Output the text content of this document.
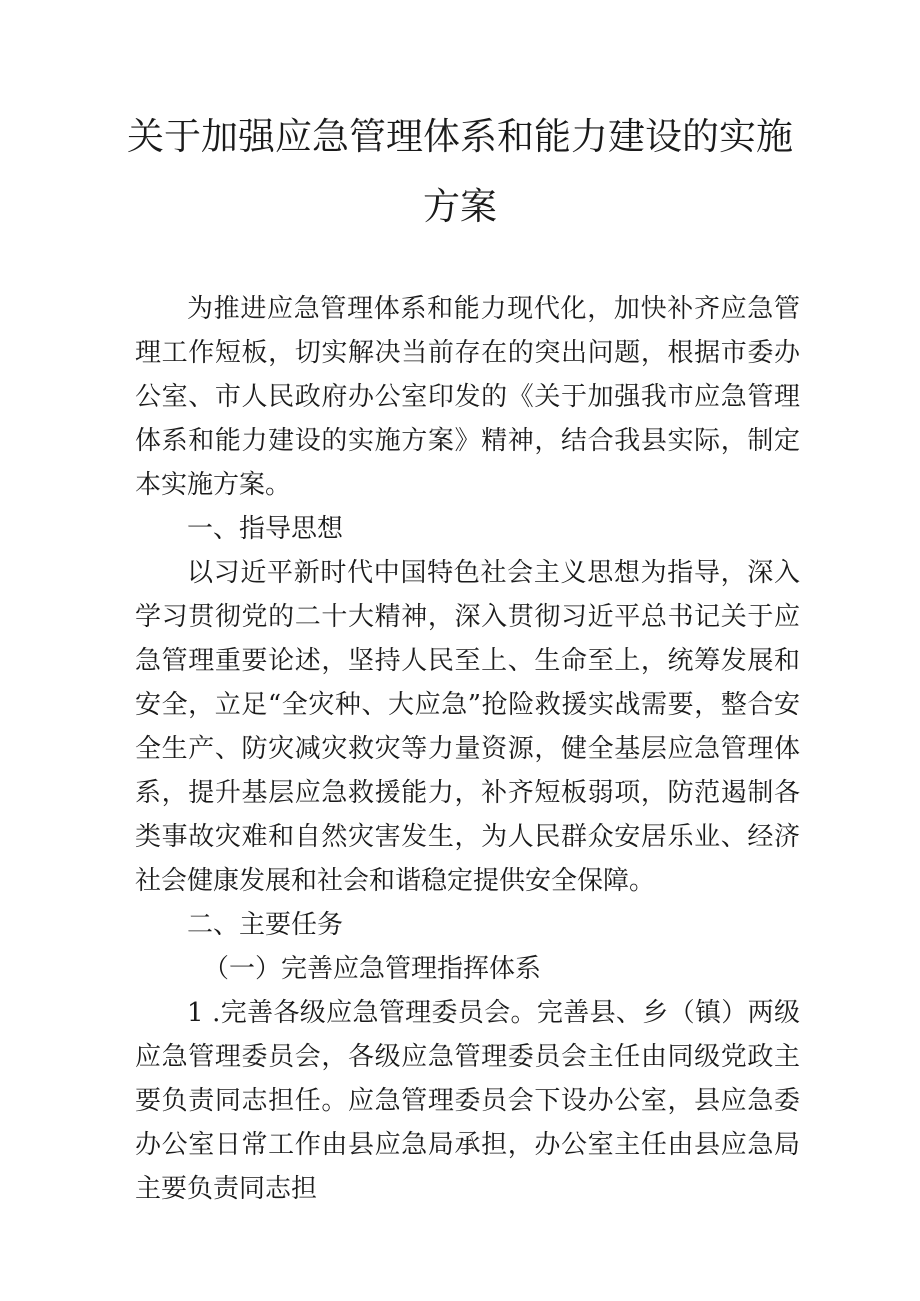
关于加强应急管理体系和能力建设的实施
方案

为推进应急管理体系和能力现代化，加快补齐应急管理工作短板，切实解决当前存在的突出问题，根据市委办公室、市人民政府办公室印发的《关于加强我市应急管理体系和能力建设的实施方案》精神，结合我县实际，制定本实施方案。

一、指导思想

以习近平新时代中国特色社会主义思想为指导，深入学习贯彻党的二十大精神，深入贯彻习近平总书记关于应急管理重要论述，坚持人民至上、生命至上，统筹发展和安全，立足“全灾种、大应急”抢险救援实战需要，整合安全生产、防灾减灾救灾等力量资源，健全基层应急管理体系，提升基层应急救援能力，补齐短板弱项，防范遏制各类事故灾难和自然灾害发生，为人民群众安居乐业、经济社会健康发展和社会和谐稳定提供安全保障。

二、主要任务

（一）完善应急管理指挥体系

1 .完善各级应急管理委员会。完善县、乡（镇）两级应急管理委员会，各级应急管理委员会主任由同级党政主要负责同志担任。应急管理委员会下设办公室，县应急委办公室日常工作由县应急局承担，办公室主任由县应急局主要负责同志担
